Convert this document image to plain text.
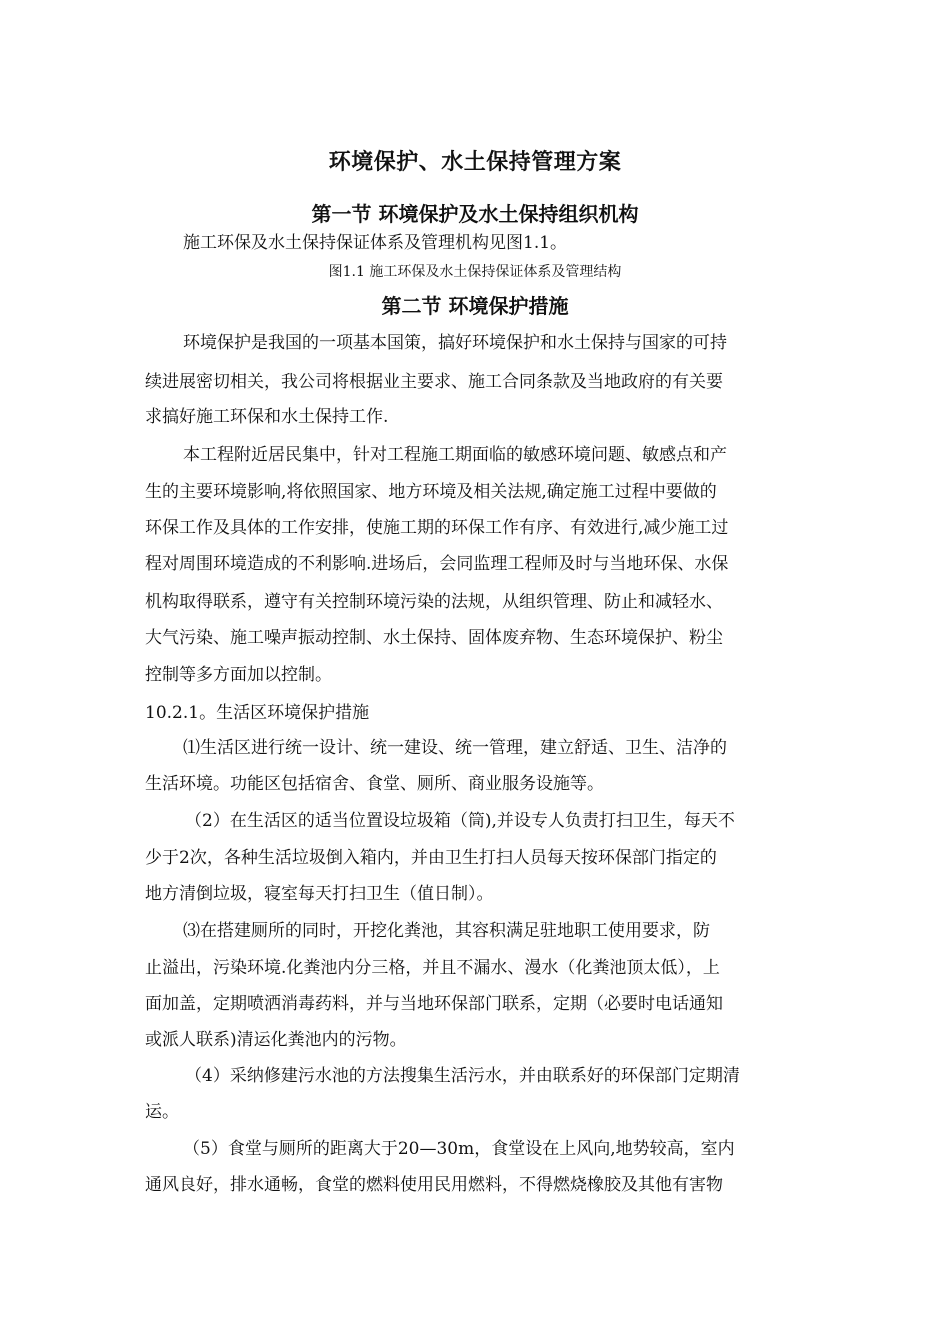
环境保护、水土保持管理方案
第一节 环境保护及水土保持组织机构
施工环保及水土保持保证体系及管理机构见图1.1。
图1.1 施工环保及水土保持保证体系及管理结构
第二节 环境保护措施
环境保护是我国的一项基本国策，搞好环境保护和水土保持与国家的可持
续进展密切相关，我公司将根据业主要求、施工合同条款及当地政府的有关要
求搞好施工环保和水土保持工作.
本工程附近居民集中，针对工程施工期面临的敏感环境问题、敏感点和产
生的主要环境影响,将依照国家、地方环境及相关法规,确定施工过程中要做的
环保工作及具体的工作安排，使施工期的环保工作有序、有效进行,减少施工过
程对周围环境造成的不利影响.进场后，会同监理工程师及时与当地环保、水保
机构取得联系，遵守有关控制环境污染的法规，从组织管理、防止和减轻水、
大气污染、施工噪声振动控制、水土保持、固体废弃物、生态环境保护、粉尘
控制等多方面加以控制。
10.2.1。生活区环境保护措施
⑴生活区进行统一设计、统一建设、统一管理，建立舒适、卫生、洁净的
生活环境。功能区包括宿舍、食堂、厕所、商业服务设施等。
（2）在生活区的适当位置设垃圾箱（筒),并设专人负责打扫卫生，每天不
少于2次，各种生活垃圾倒入箱内，并由卫生打扫人员每天按环保部门指定的
地方清倒垃圾，寝室每天打扫卫生（值日制）。
⑶在搭建厕所的同时，开挖化粪池，其容积满足驻地职工使用要求，防
止溢出，污染环境.化粪池内分三格，并且不漏水、漫水（化粪池顶太低），上
面加盖，定期喷洒消毒药料，并与当地环保部门联系，定期（必要时电话通知
或派人联系)清运化粪池内的污物。
（4）采纳修建污水池的方法搜集生活污水，并由联系好的环保部门定期清
运。
（5）食堂与厕所的距离大于20—30m，食堂设在上风向,地势较高，室内
通风良好，排水通畅，食堂的燃料使用民用燃料，不得燃烧橡胶及其他有害物
